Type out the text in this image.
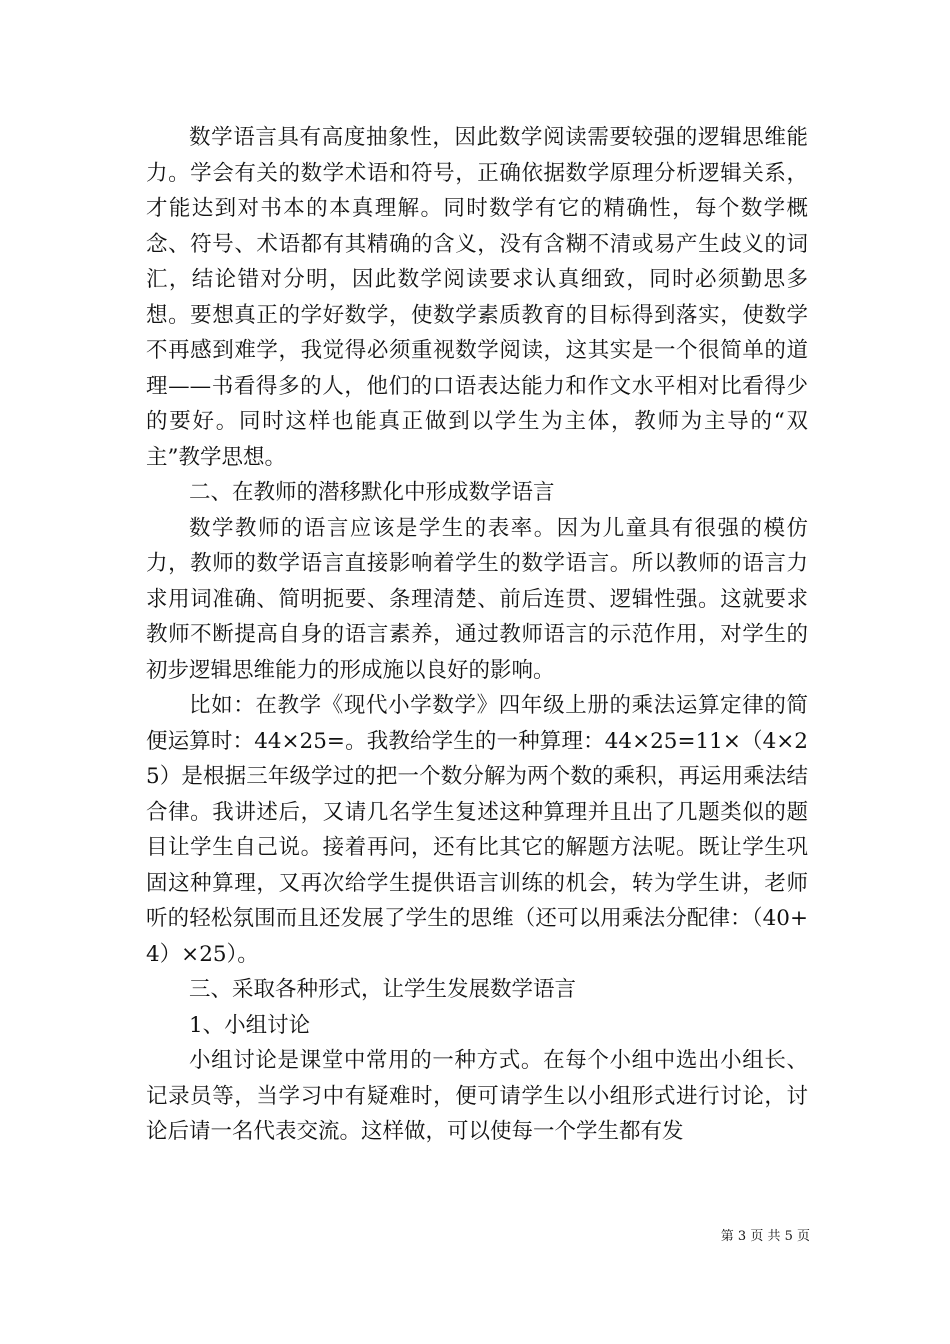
数学语言具有高度抽象性，因此数学阅读需要较强的逻辑思维能力。学会有关的数学术语和符号，正确依据数学原理分析逻辑关系，才能达到对书本的本真理解。同时数学有它的精确性，每个数学概念、符号、术语都有其精确的含义，没有含糊不清或易产生歧义的词汇，结论错对分明，因此数学阅读要求认真细致，同时必须勤思多想。要想真正的学好数学，使数学素质教育的目标得到落实，使数学不再感到难学，我觉得必须重视数学阅读，这其实是一个很简单的道理——书看得多的人，他们的口语表达能力和作文水平相对比看得少的要好。同时这样也能真正做到以学生为主体，教师为主导的“双主”教学思想。

二、在教师的潜移默化中形成数学语言

数学教师的语言应该是学生的表率。因为儿童具有很强的模仿力，教师的数学语言直接影响着学生的数学语言。所以教师的语言力求用词准确、简明扼要、条理清楚、前后连贯、逻辑性强。这就要求教师不断提高自身的语言素养，通过教师语言的示范作用，对学生的初步逻辑思维能力的形成施以良好的影响。

比如：在教学《现代小学数学》四年级上册的乘法运算定律的简便运算时：44×25=。我教给学生的一种算理：44×25=11×（4×25）是根据三年级学过的把一个数分解为两个数的乘积，再运用乘法结合律。我讲述后，又请几名学生复述这种算理并且出了几题类似的题目让学生自己说。接着再问，还有比其它的解题方法呢。既让学生巩固这种算理，又再次给学生提供语言训练的机会，转为学生讲，老师听的轻松氛围而且还发展了学生的思维（还可以用乘法分配律：（40+4）×25）。

三、采取各种形式，让学生发展数学语言

1、小组讨论

小组讨论是课堂中常用的一种方式。在每个小组中选出小组长、记录员等，当学习中有疑难时，便可请学生以小组形式进行讨论，讨论后请一名代表交流。这样做，可以使每一个学生都有发

第 3 页 共 5 页
